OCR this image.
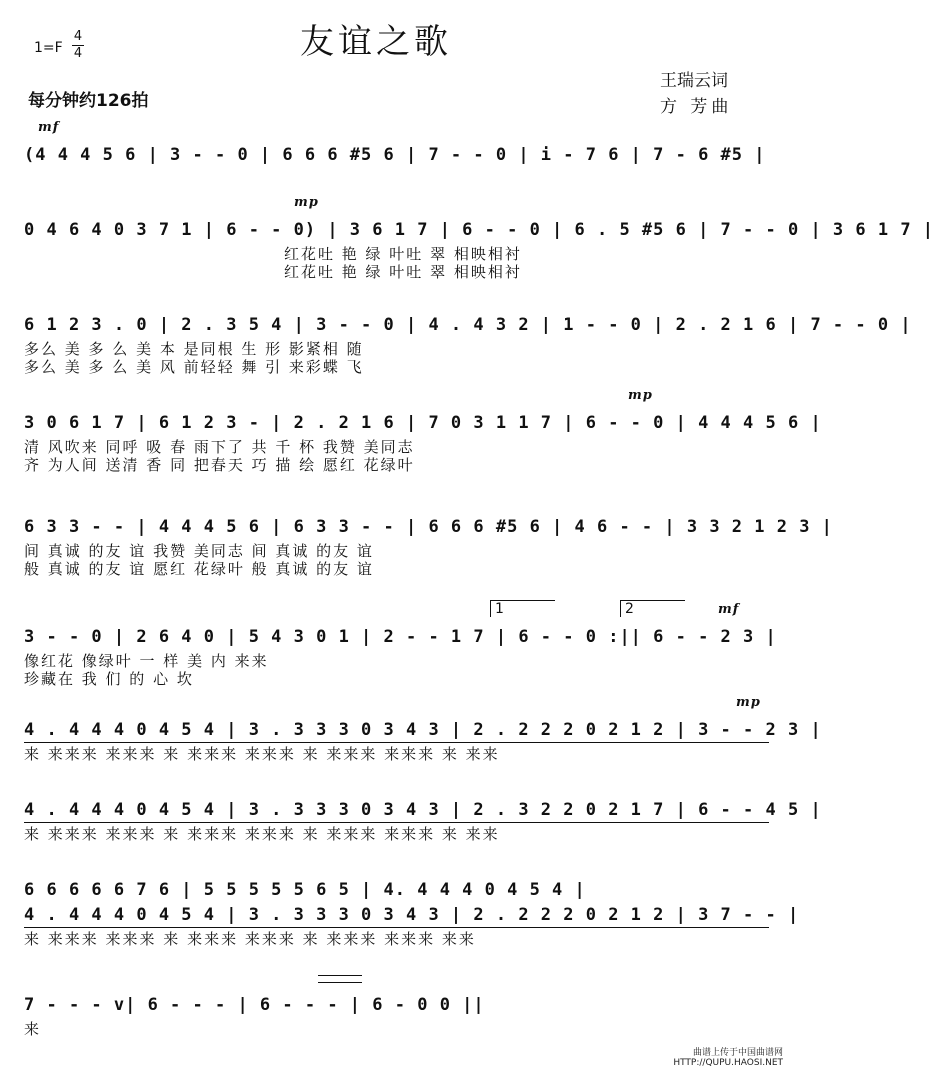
友谊之歌
1=F
4
4
每分钟约126拍
王瑞云词
方 芳曲
mf
(4 4 4 5 6 | 3 - - 0 | 6 6 6 #5 6 | 7 - - 0 | i - 7 6 | 7 - 6 #5 |
mp
0 4 6 4 0 3 7 1 | 6 - - 0) | 3 6 1 7 | 6 - - 0 | 6 . 5 #5 6 | 7 - - 0 | 3 6 1 7 |
红花吐 艳 绿 叶吐 翠 相映相衬
红花吐 艳 绿 叶吐 翠 相映相衬
6 1 2 3 . 0 | 2 . 3 5 4 | 3 - - 0 | 4 . 4 3 2 | 1 - - 0 | 2 . 2 1 6 | 7 - - 0 |
多么 美 多 么 美 本 是同根 生 形 影紧相 随
多么 美 多 么 美 风 前轻轻 舞 引 来彩蝶 飞
mp
3 0 6 1 7 | 6 1 2 3 - | 2 . 2 1 6 | 7 0 3 1 1 7 | 6 - - 0 | 4 4 4 5 6 |
清 风吹来 同呼 吸 春 雨下了 共 千 杯 我赞 美同志
齐 为人间 送清 香 同 把春天 巧 描 绘 愿红 花绿叶
6 3 3 - - | 4 4 4 5 6 | 6 3 3 - - | 6 6 6 #5 6 | 4 6 - - | 3 3 2 1 2 3 |
间 真诚 的友 谊 我赞 美同志 间 真诚 的友 谊
般 真诚 的友 谊 愿红 花绿叶 般 真诚 的友 谊
1	2	mf
3 - - 0 | 2 6 4 0 | 5 4 3 0 1 | 2 - - 1 7 | 6 - - 0 :|| 6 - - 2 3 |
像红花 像绿叶 一 样 美 内 来来
珍藏在 我 们 的 心 坎
mp
4 . 4 4 4 0 4 5 4 | 3 . 3 3 3 0 3 4 3 | 2 . 2 2 2 0 2 1 2 | 3 - - 2 3 |
来 来来来 来来来 来 来来来 来来来 来 来来来 来来来 来 来来
4 . 4 4 4 0 4 5 4 | 3 . 3 3 3 0 3 4 3 | 2 . 3 2 2 0 2 1 7 | 6 - - 4 5 |
来 来来来 来来来 来 来来来 来来来 来 来来来 来来来 来 来来
6 6 6 6 6 7 6 | 5 5 5 5 5 6 5 | 4. 4 4 4 0 4 5 4 |
4 . 4 4 4 0 4 5 4 | 3 . 3 3 3 0 3 4 3 | 2 . 2 2 2 0 2 1 2 | 3 7 - - |
来 来来来 来来来 来 来来来 来来来 来 来来来 来来来 来来
7 - - - v| 6 - - - | 6 - - - | 6 - 0 0 ||
来
曲谱上传于中国曲谱网
HTTP://QUPU.HAOSI.NET
